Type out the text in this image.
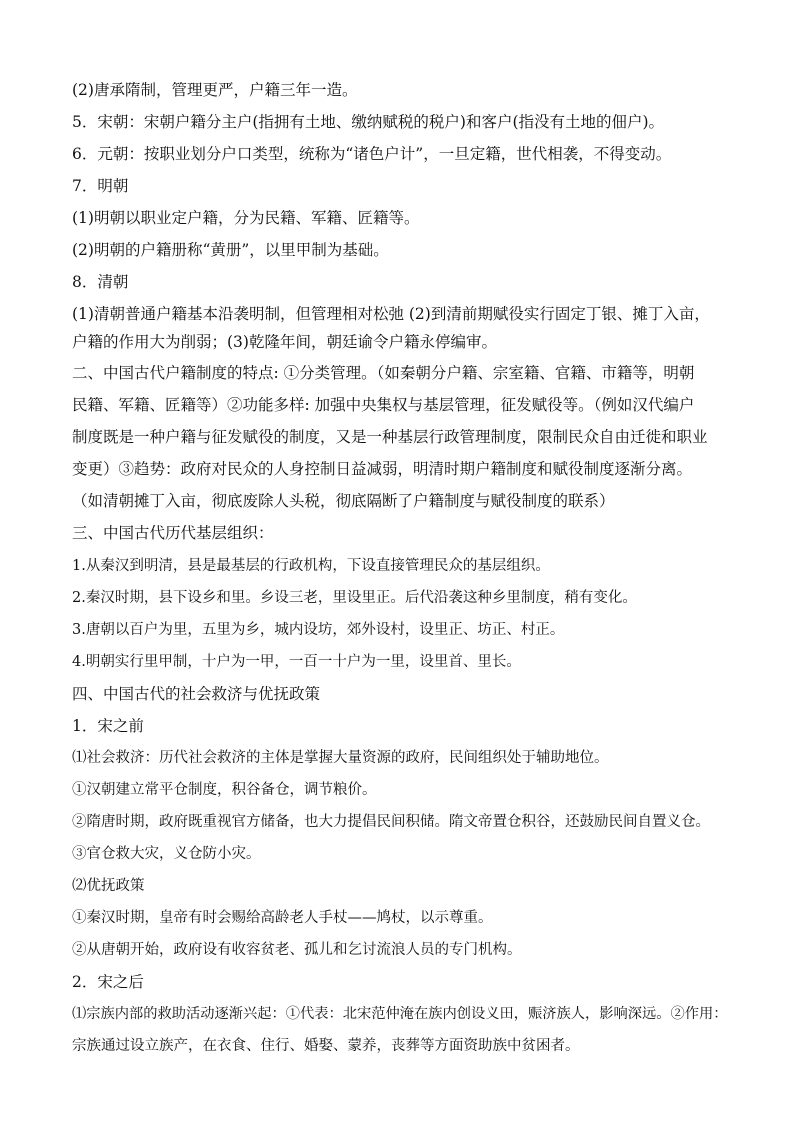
(2)唐承隋制，管理更严，户籍三年一造。
5．宋朝：宋朝户籍分主户(指拥有土地、缴纳赋税的税户)和客户(指没有土地的佃户)。
6．元朝：按职业划分户口类型，统称为“诸色户计”，一旦定籍，世代相袭，不得变动。
7．明朝
(1)明朝以职业定户籍，分为民籍、军籍、匠籍等。
(2)明朝的户籍册称“黄册”，以里甲制为基础。
8．清朝
(1)清朝普通户籍基本沿袭明制，但管理相对松弛 (2)到清前期赋役实行固定丁银、摊丁入亩，
户籍的作用大为削弱；(3)乾隆年间，朝廷谕令户籍永停编审。
二、中国古代户籍制度的特点: ①分类管理。（如秦朝分户籍、宗室籍、官籍、市籍等，明朝
民籍、军籍、匠籍等）②功能多样: 加强中央集权与基层管理，征发赋役等。（例如汉代编户
制度既是一种户籍与征发赋役的制度，又是一种基层行政管理制度，限制民众自由迁徙和职业
变更）③趋势：政府对民众的人身控制日益减弱，明清时期户籍制度和赋役制度逐渐分离。
（如清朝摊丁入亩，彻底废除人头税，彻底隔断了户籍制度与赋役制度的联系）
三、中国古代历代基层组织：
1.从秦汉到明清，县是最基层的行政机构，下设直接管理民众的基层组织。
2.秦汉时期，县下设乡和里。乡设三老，里设里正。后代沿袭这种乡里制度，稍有变化。
3.唐朝以百户为里，五里为乡，城内设坊，郊外设村，设里正、坊正、村正。
4.明朝实行里甲制，十户为一甲，一百一十户为一里，设里首、里长。
四、中国古代的社会救济与优抚政策
1．宋之前
⑴社会救济：历代社会救济的主体是掌握大量资源的政府，民间组织处于辅助地位。
①汉朝建立常平仓制度，积谷备仓，调节粮价。
②隋唐时期，政府既重视官方储备，也大力提倡民间积储。隋文帝置仓积谷，还鼓励民间自置义仓。
③官仓救大灾，义仓防小灾。
⑵优抚政策
①秦汉时期，皇帝有时会赐给高龄老人手杖——鸠杖，以示尊重。
②从唐朝开始，政府设有收容贫老、孤儿和乞讨流浪人员的专门机构。
2．宋之后
⑴宗族内部的救助活动逐渐兴起：①代表：北宋范仲淹在族内创设义田，赈济族人，影响深远。②作用：
宗族通过设立族产，在衣食、住行、婚娶、蒙养，丧葬等方面资助族中贫困者。
